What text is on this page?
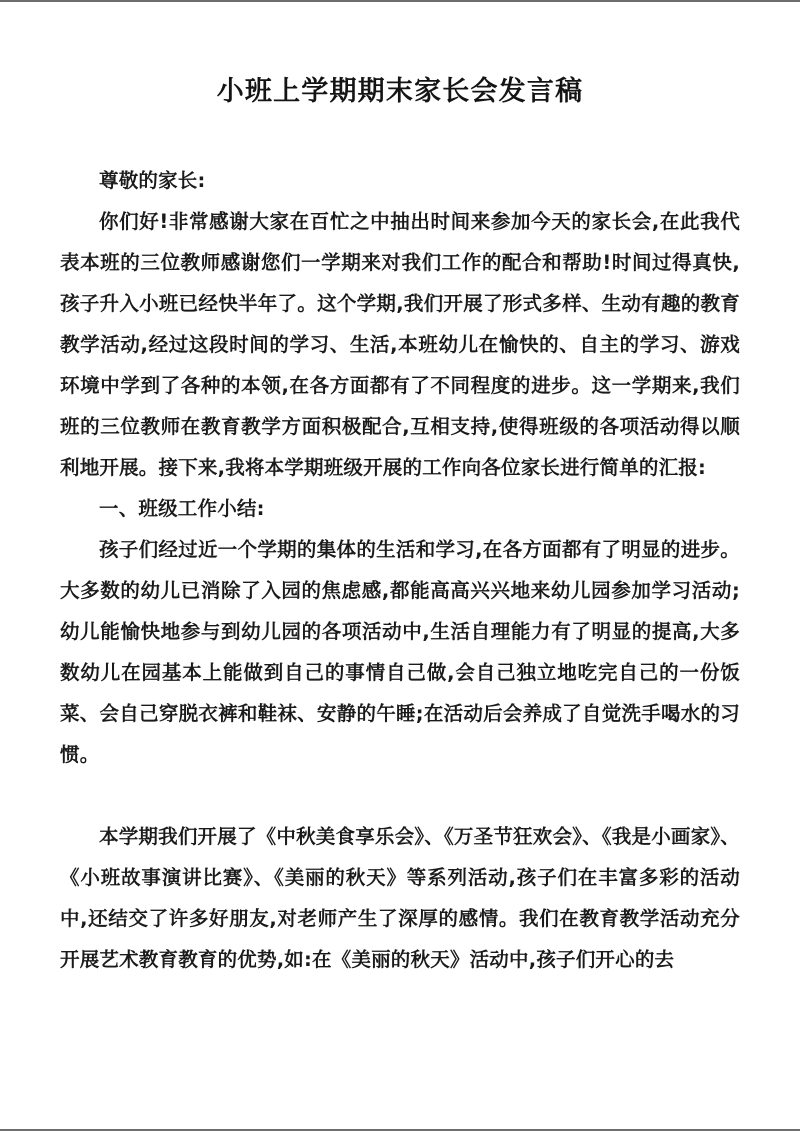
小班上学期期末家长会发言稿

尊敬的家长:

你们好!非常感谢大家在百忙之中抽出时间来参加今天的家长会,在此我代表本班的三位教师感谢您们一学期来对我们工作的配合和帮助!时间过得真快,孩子升入小班已经快半年了。这个学期,我们开展了形式多样、生动有趣的教育教学活动,经过这段时间的学习、生活,本班幼儿在愉快的、自主的学习、游戏环境中学到了各种的本领,在各方面都有了不同程度的进步。这一学期来,我们班的三位教师在教育教学方面积极配合,互相支持,使得班级的各项活动得以顺利地开展。接下来,我将本学期班级开展的工作向各位家长进行简单的汇报:

一、班级工作小结:

孩子们经过近一个学期的集体的生活和学习,在各方面都有了明显的进步。大多数的幼儿已消除了入园的焦虑感,都能高高兴兴地来幼儿园参加学习活动;幼儿能愉快地参与到幼儿园的各项活动中,生活自理能力有了明显的提高,大多数幼儿在园基本上能做到自己的事情自己做,会自己独立地吃完自己的一份饭菜、会自己穿脱衣裤和鞋袜、安静的午睡;在活动后会养成了自觉洗手喝水的习惯。

本学期我们开展了《中秋美食享乐会》、《万圣节狂欢会》、《我是小画家》、《小班故事演讲比赛》、《美丽的秋天》等系列活动,孩子们在丰富多彩的活动中,还结交了许多好朋友,对老师产生了深厚的感情。我们在教育教学活动充分开展艺术教育教育的优势,如:在《美丽的秋天》活动中,孩子们开心的去
